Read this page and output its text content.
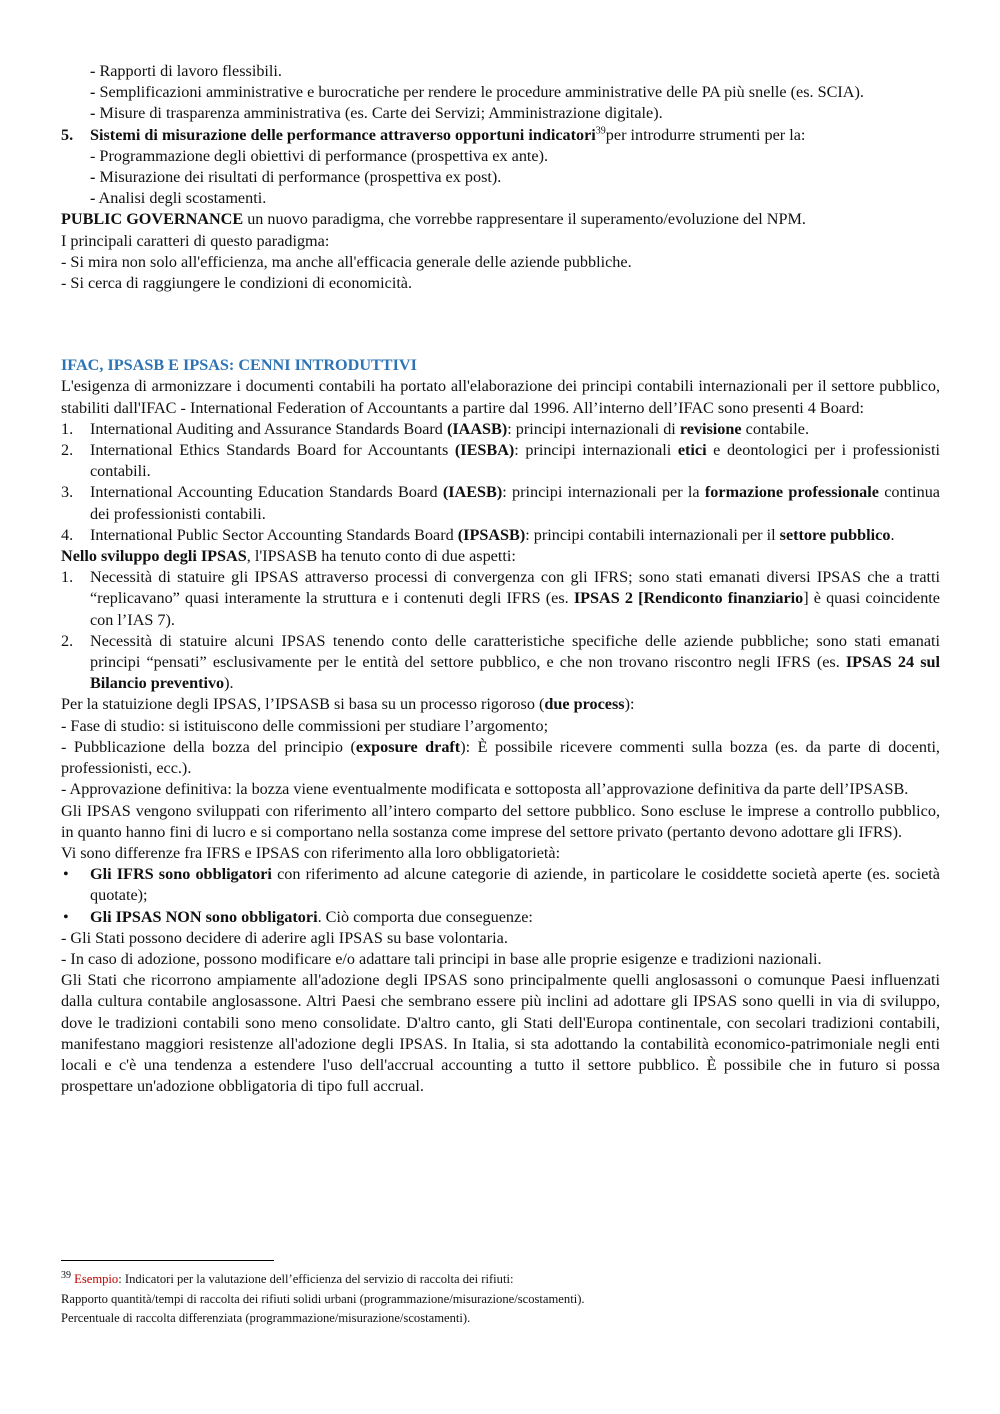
- Rapporti di lavoro flessibili.

- Semplificazioni amministrative e burocratiche per rendere le procedure amministrative delle PA più snelle (es. SCIA).

- Misure di trasparenza amministrativa (es. Carte dei Servizi; Amministrazione digitale).

5.	Sistemi di misurazione delle performance attraverso opportuni indicatori$^{39}$per introdurre strumenti per la:

- Programmazione degli obiettivi di performance (prospettiva ex ante).

- Misurazione dei risultati di performance (prospettiva ex post).

- Analisi degli scostamenti.

PUBLIC GOVERNANCE un nuovo paradigma, che vorrebbe rappresentare il superamento/evoluzione del NPM.

I principali caratteri di questo paradigma:

- Si mira non solo all'efficienza, ma anche all'efficacia generale delle aziende pubbliche.

- Si cerca di raggiungere le condizioni di economicità.

IFAC, IPSASB E IPSAS: CENNI INTRODUTTIVI

L'esigenza di armonizzare i documenti contabili ha portato all'elaborazione dei principi contabili internazionali per il settore pubblico, stabiliti dall'IFAC - International Federation of Accountants a partire dal 1996. All’interno dell’IFAC sono presenti 4 Board:

1.	International Auditing and Assurance Standards Board (IAASB): principi internazionali di revisione contabile.
2.	International Ethics Standards Board for Accountants (IESBA): principi internazionali etici e deontologici per i professionisti contabili.
3.	International Accounting Education Standards Board (IAESB): principi internazionali per la formazione professionale continua dei professionisti contabili.
4.	International Public Sector Accounting Standards Board (IPSASB): principi contabili internazionali per il settore pubblico.

Nello sviluppo degli IPSAS, l'IPSASB ha tenuto conto di due aspetti:

1.	Necessità di statuire gli IPSAS attraverso processi di convergenza con gli IFRS; sono stati emanati diversi IPSAS che a tratti “replicavano” quasi interamente la struttura e i contenuti degli IFRS (es. IPSAS 2 [Rendiconto finanziario] è quasi coincidente con l’IAS 7).
2.	Necessità di statuire alcuni IPSAS tenendo conto delle caratteristiche specifiche delle aziende pubbliche; sono stati emanati principi “pensati” esclusivamente per le entità del settore pubblico, e che non trovano riscontro negli IFRS (es. IPSAS 24 sul Bilancio preventivo).

Per la statuizione degli IPSAS, l’IPSASB si basa su un processo rigoroso (due process):

- Fase di studio: si istituiscono delle commissioni per studiare l’argomento;

- Pubblicazione della bozza del principio (exposure draft): È possibile ricevere commenti sulla bozza (es. da parte di docenti, professionisti, ecc.).

- Approvazione definitiva: la bozza viene eventualmente modificata e sottoposta all’approvazione definitiva da parte dell’IPSASB.

Gli IPSAS vengono sviluppati con riferimento all’intero comparto del settore pubblico. Sono escluse le imprese a controllo pubblico, in quanto hanno fini di lucro e si comportano nella sostanza come imprese del settore privato (pertanto devono adottare gli IFRS).

Vi sono differenze fra IFRS e IPSAS con riferimento alla loro obbligatorietà:

•	Gli IFRS sono obbligatori con riferimento ad alcune categorie di aziende, in particolare le cosiddette società aperte (es. società quotate);
•	Gli IPSAS NON sono obbligatori. Ciò comporta due conseguenze:

- Gli Stati possono decidere di aderire agli IPSAS su base volontaria.

- In caso di adozione, possono modificare e/o adattare tali principi in base alle proprie esigenze e tradizioni nazionali.

Gli Stati che ricorrono ampiamente all'adozione degli IPSAS sono principalmente quelli anglosassoni o comunque Paesi influenzati dalla cultura contabile anglosassone. Altri Paesi che sembrano essere più inclini ad adottare gli IPSAS sono quelli in via di sviluppo, dove le tradizioni contabili sono meno consolidate. D'altro canto, gli Stati dell'Europa continentale, con secolari tradizioni contabili, manifestano maggiori resistenze all'adozione degli IPSAS. In Italia, si sta adottando la contabilità economico-patrimoniale negli enti locali e c'è una tendenza a estendere l'uso dell'accrual accounting a tutto il settore pubblico. È possibile che in futuro si possa prospettare un'adozione obbligatoria di tipo full accrual.

$^{39}$ Esempio: Indicatori per la valutazione dell’efficienza del servizio di raccolta dei rifiuti:
Rapporto quantità/tempi di raccolta dei rifiuti solidi urbani (programmazione/misurazione/scostamenti).
Percentuale di raccolta differenziata (programmazione/misurazione/scostamenti).
